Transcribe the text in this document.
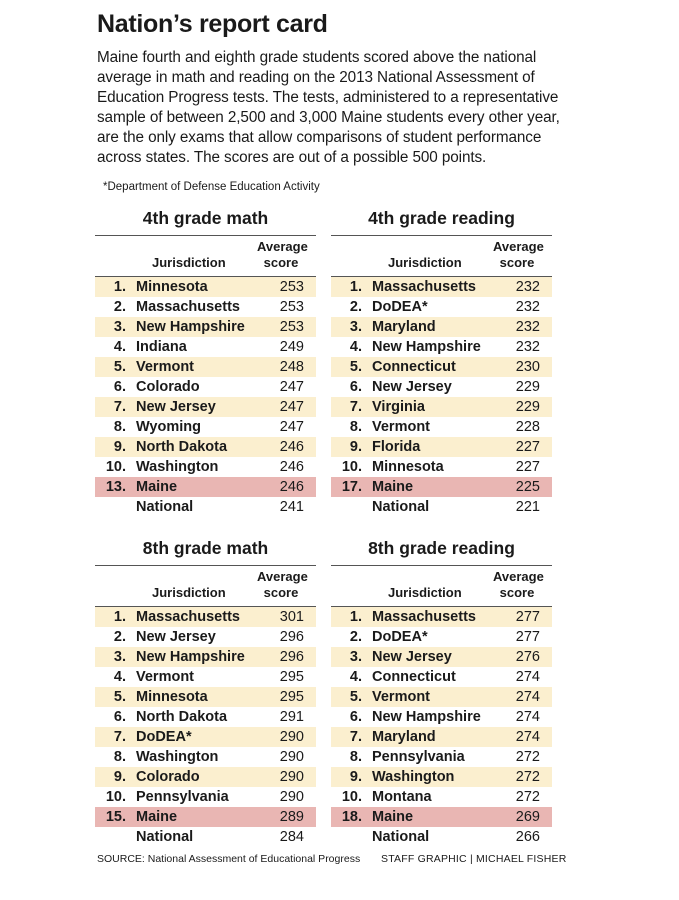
Nation’s report card
Maine fourth and eighth grade students scored above the national average in math and reading on the 2013 National Assessment of Education Progress tests. The tests, administered to a representative sample of between 2,500 and 3,000 Maine students every other year, are the only exams that allow comparisons of student performance across states. The scores are out of a possible 500 points.
*Department of Defense Education Activity
4th grade math
Jurisdiction
Average score
1. Minnesota	253
2. Massachusetts	253
3. New Hampshire 253
4. Indiana	249
5. Vermont	248
6. Colorado	247
7. New Jersey	247
8. Wyoming	247
9. North Dakota	246
10. Washington	246
13. Maine	246
National	241
4th grade reading
Jurisdiction
Average score
1. Massachusetts	232
2. DoDEA*	232
3. Maryland	232
4. New Hampshire 232
5. Connecticut	230
6. New Jersey	229
7. Virginia	229
8. Vermont	228
9. Florida	227
10. Minnesota	227
17. Maine	225
National	221
8th grade math
Jurisdiction
Average score
1. Massachusetts	301
2. New Jersey	296
3. New Hampshire 296
4. Vermont	295
5. Minnesota	295
6. North Dakota	291
7. DoDEA*	290
8. Washington	290
9. Colorado	290
10. Pennsylvania	290
15. Maine	289
National	284
8th grade reading
Jurisdiction
Average score
1. Massachusetts	277
2. DoDEA*	277
3. New Jersey	276
4. Connecticut	274
5. Vermont	274
6. New Hampshire 274
7. Maryland	274
8. Pennsylvania	272
9. Washington	272
10. Montana	272
18. Maine	269
National	266
SOURCE: National Assessment of Educational Progress STAFF GRAPHIC | MICHAEL FISHER
